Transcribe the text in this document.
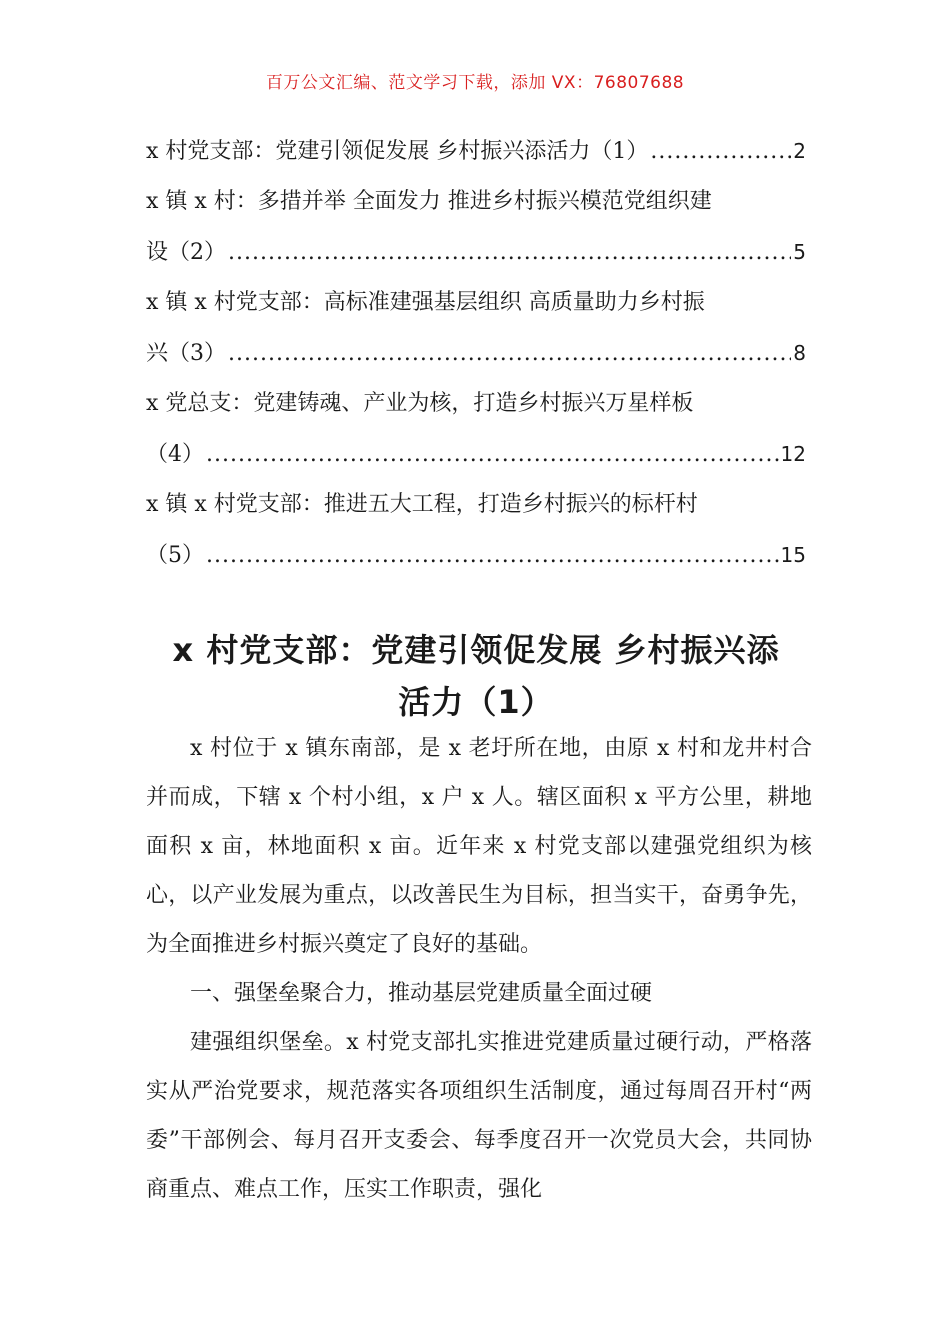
百万公文汇编、范文学习下载，添加 VX：76807688
x 村党支部：党建引领促发展 乡村振兴添活力（1） .....	2
x 镇 x 村：多措并举 全面发力 推进乡村振兴模范党组织建
设（2） .....	5
x 镇 x 村党支部：高标准建强基层组织 高质量助力乡村振
兴（3） .....	8
x 党总支：党建铸魂、产业为核，打造乡村振兴万星样板
（4） .....	12
x 镇 x 村党支部：推进五大工程，打造乡村振兴的标杆村
（5） .....	15
x 村党支部：党建引领促发展 乡村振兴添
活力（1）

x 村位于 x 镇东南部，是 x 老圩所在地，由原 x 村和龙井村合并而成，下辖 x 个村小组，x 户 x 人。辖区面积 x 平方公里，耕地面积 x 亩，林地面积 x 亩。近年来 x 村党支部以建强党组织为核心，以产业发展为重点，以改善民生为目标，担当实干，奋勇争先，为全面推进乡村振兴奠定了良好的基础。

一、强堡垒聚合力，推动基层党建质量全面过硬

建强组织堡垒。x 村党支部扎实推进党建质量过硬行动，严格落实从严治党要求，规范落实各项组织生活制度，通过每周召开村“两委”干部例会、每月召开支委会、每季度召开一次党员大会，共同协商重点、难点工作，压实工作职责，强化
